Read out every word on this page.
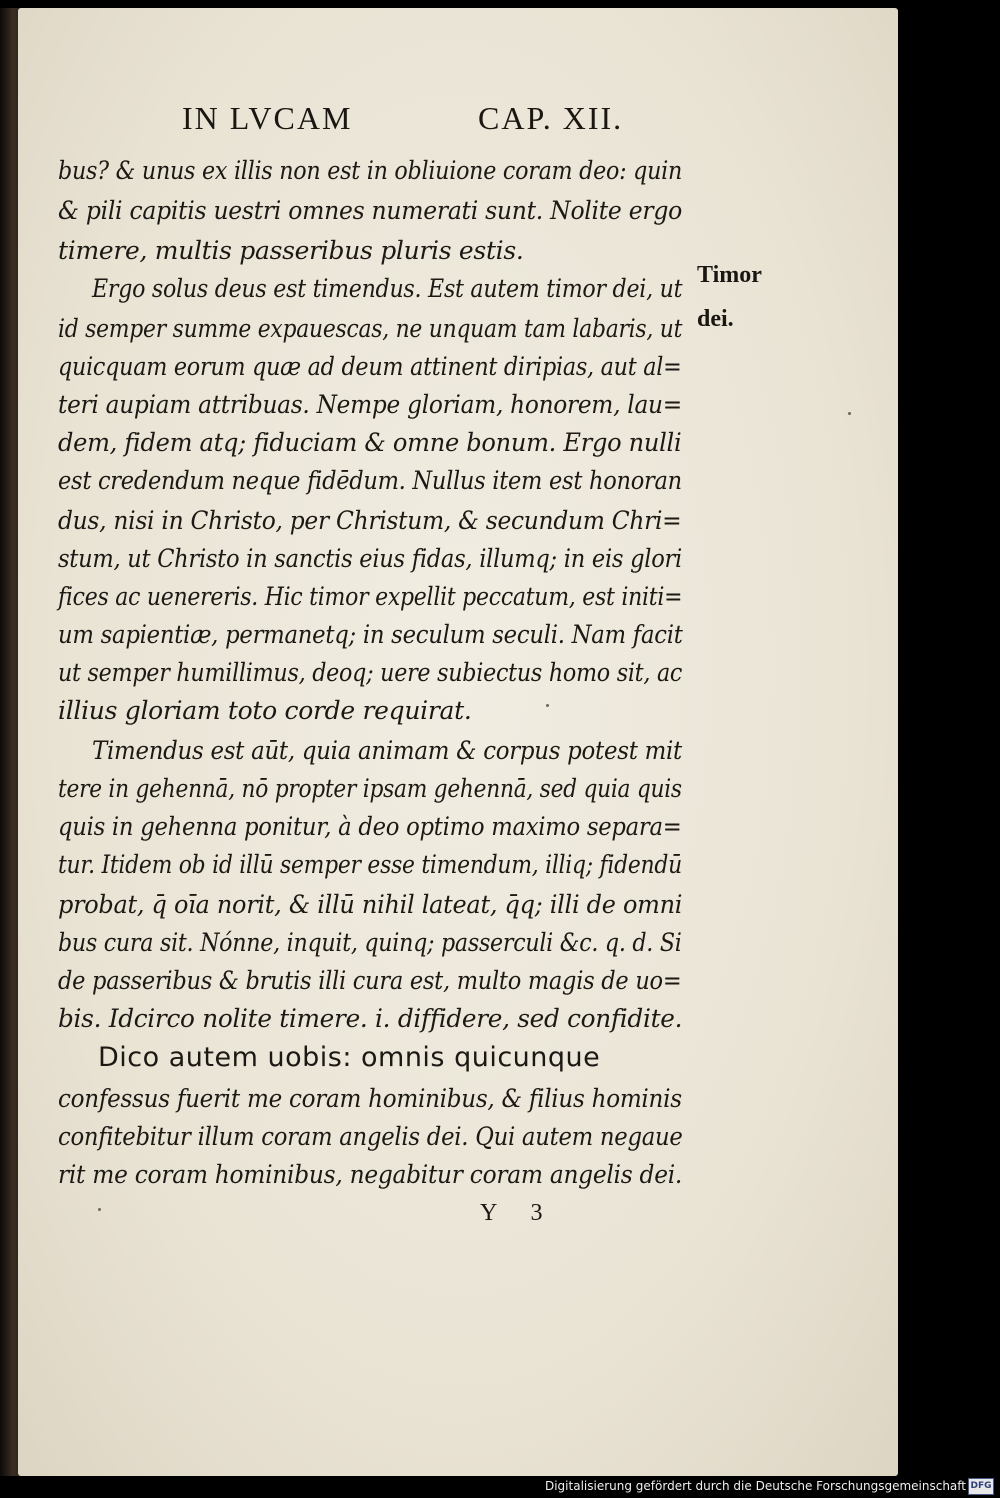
IN LVCAM	CAP. XII.
Timor
dei.
bus? & unus ex illis non est in obliuione coram deo: quin
& pili capitis uestri omnes numerati sunt. Nolite ergo
timere, multis passeribus pluris estis.
Ergo solus deus est timendus. Est autem timor dei, ut
id semper summe expauescas, ne unquam tam labaris, ut
quicquam eorum quæ ad deum attinent diripias, aut al=
teri aupiam attribuas. Nempe gloriam, honorem, lau=
dem, fidem atq; fiduciam & omne bonum. Ergo nulli
est credendum neque fidēdum. Nullus item est honoran
dus, nisi in Christo, per Christum, & secundum Chri=
stum, ut Christo in sanctis eius fidas, illumq; in eis glori
fices ac uenereris. Hic timor expellit peccatum, est initi=
um sapientiæ, permanetq; in seculum seculi. Nam facit
ut semper humillimus, deoq; uere subiectus homo sit, ac
illius gloriam toto corde requirat.
Timendus est aūt, quia animam & corpus potest mit
tere in gehennā, nō propter ipsam gehennā, sed quia quis
quis in gehenna ponitur, à deo optimo maximo separa=
tur. Itidem ob id illū semper esse timendum, illiq; fidendū
probat, q̄ oīa norit, & illū nihil lateat, q̄q; illi de omni
bus cura sit. Nónne, inquit, quinq; passerculi &c. q. d. Si
de passeribus & brutis illi cura est, multo magis de uo=
bis. Idcirco nolite timere. i. diffidere, sed confidite.
Dico autem uobis: omnis quicunque
confessus fuerit me coram hominibus, & filius hominis
confitebitur illum coram angelis dei. Qui autem negaue
rit me coram hominibus, negabitur coram angelis dei.
Y 3
Digitalisierung gefördert durch die Deutsche Forschungsgemeinschaft DFG
